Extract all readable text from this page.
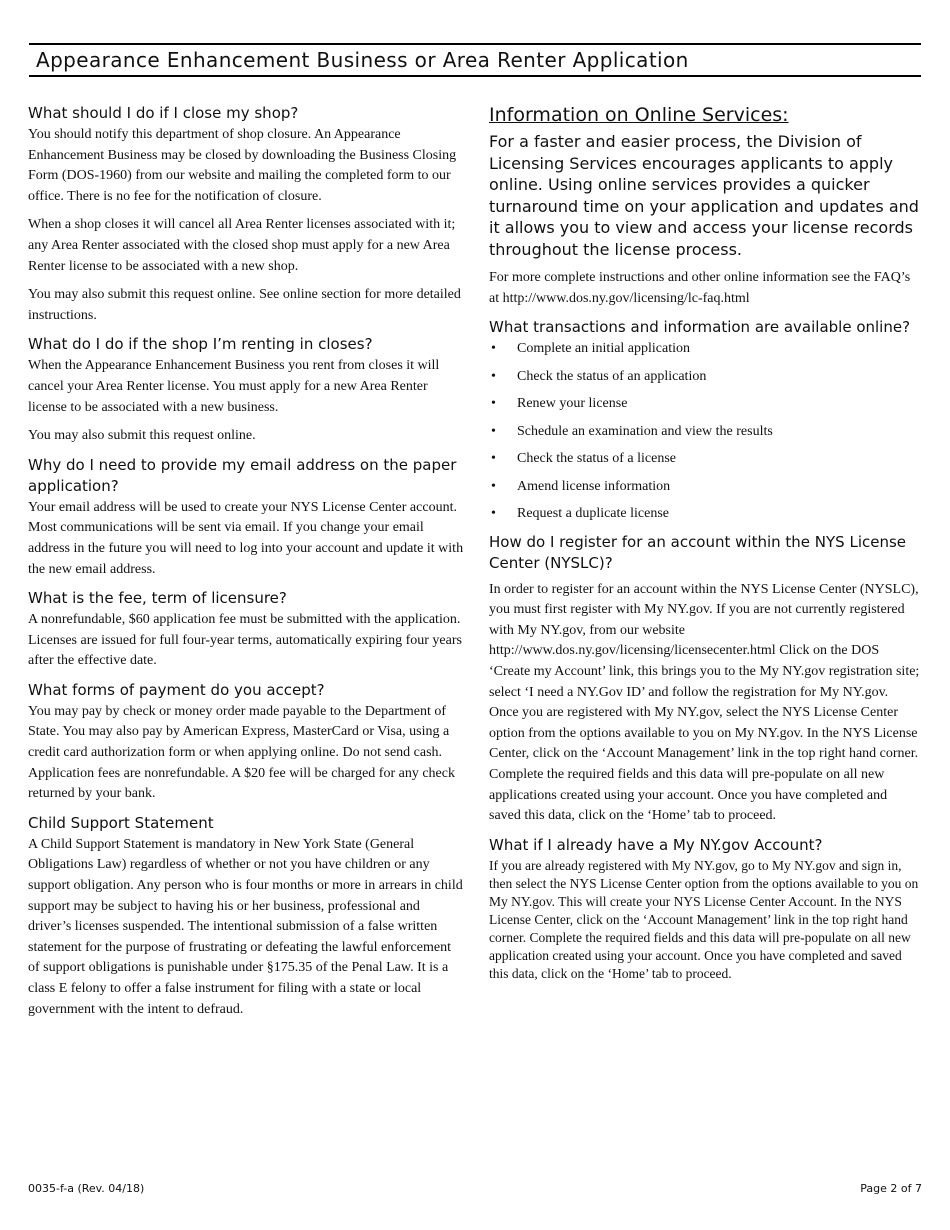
Appearance Enhancement Business or Area Renter Application
What should I do if I close my shop?

You should notify this department of shop closure. An Appearance Enhancement Business may be closed by downloading the Business Closing Form (DOS-1960) from our website and mailing the completed form to our office. There is no fee for the notification of closure.

When a shop closes it will cancel all Area Renter licenses associated with it; any Area Renter associated with the closed shop must apply for a new Area Renter license to be associated with a new shop.

You may also submit this request online. See online section for more detailed instructions.

What do I do if the shop I’m renting in closes?

When the Appearance Enhancement Business you rent from closes it will cancel your Area Renter license. You must apply for a new Area Renter license to be associated with a new business.

You may also submit this request online.

Why do I need to provide my email address on the paper application?

Your email address will be used to create your NYS License Center account. Most communications will be sent via email. If you change your email address in the future you will need to log into your account and update it with the new email address.

What is the fee, term of licensure?

A nonrefundable, $60 application fee must be submitted with the application. Licenses are issued for full four-year terms, automatically expiring four years after the effective date.

What forms of payment do you accept?

You may pay by check or money order made payable to the Department of State. You may also pay by American Express, MasterCard or Visa, using a credit card authorization form or when applying online. Do not send cash. Application fees are nonrefundable. A $20 fee will be charged for any check returned by your bank.

Child Support Statement

A Child Support Statement is mandatory in New York State (General Obligations Law) regardless of whether or not you have children or any support obligation. Any person who is four months or more in arrears in child support may be subject to having his or her business, professional and driver’s licenses suspended. The intentional submission of a false written statement for the purpose of frustrating or defeating the lawful enforcement of support obligations is punishable under §175.35 of the Penal Law. It is a class E felony to offer a false instrument for filing with a state or local government with the intent to defraud.

Information on Online Services:
For a faster and easier process, the Division of Licensing Services encourages applicants to apply online. Using online services provides a quicker turnaround time on your application and updates and it allows you to view and access your license records throughout the license process.

For more complete instructions and other online information see the FAQ’s at http://www.dos.ny.gov/licensing/lc-faq.html

What transactions and information are available online?
• Complete an initial application
• Check the status of an application
• Renew your license
• Schedule an examination and view the results
• Check the status of a license
• Amend license information
• Request a duplicate license
How do I register for an account within the NYS License Center (NYSLC)?

In order to register for an account within the NYS License Center (NYSLC), you must first register with My NY.gov. If you are not currently registered with My NY.gov, from our website http://www.dos.ny.gov/licensing/licensecenter.html Click on the DOS ‘Create my Account’ link, this brings you to the My NY.gov registration site; select ‘I need a NY.Gov ID’ and follow the registration for My NY.gov. Once you are registered with My NY.gov, select the NYS License Center option from the options available to you on My NY.gov. In the NYS License Center, click on the ‘Account Management’ link in the top right hand corner. Complete the required fields and this data will pre-populate on all new applications created using your account. Once you have completed and saved this data, click on the ‘Home’ tab to proceed.

What if I already have a My NY.gov Account?

If you are already registered with My NY.gov, go to My NY.gov and sign in, then select the NYS License Center option from the options available to you on My NY.gov. This will create your NYS License Center Account. In the NYS License Center, click on the ‘Account Management’ link in the top right hand corner. Complete the required fields and this data will pre-populate on all new application created using your account. Once you have completed and saved this data, click on the ‘Home’ tab to proceed.

0035-f-a (Rev. 04/18)	Page 2 of 7
